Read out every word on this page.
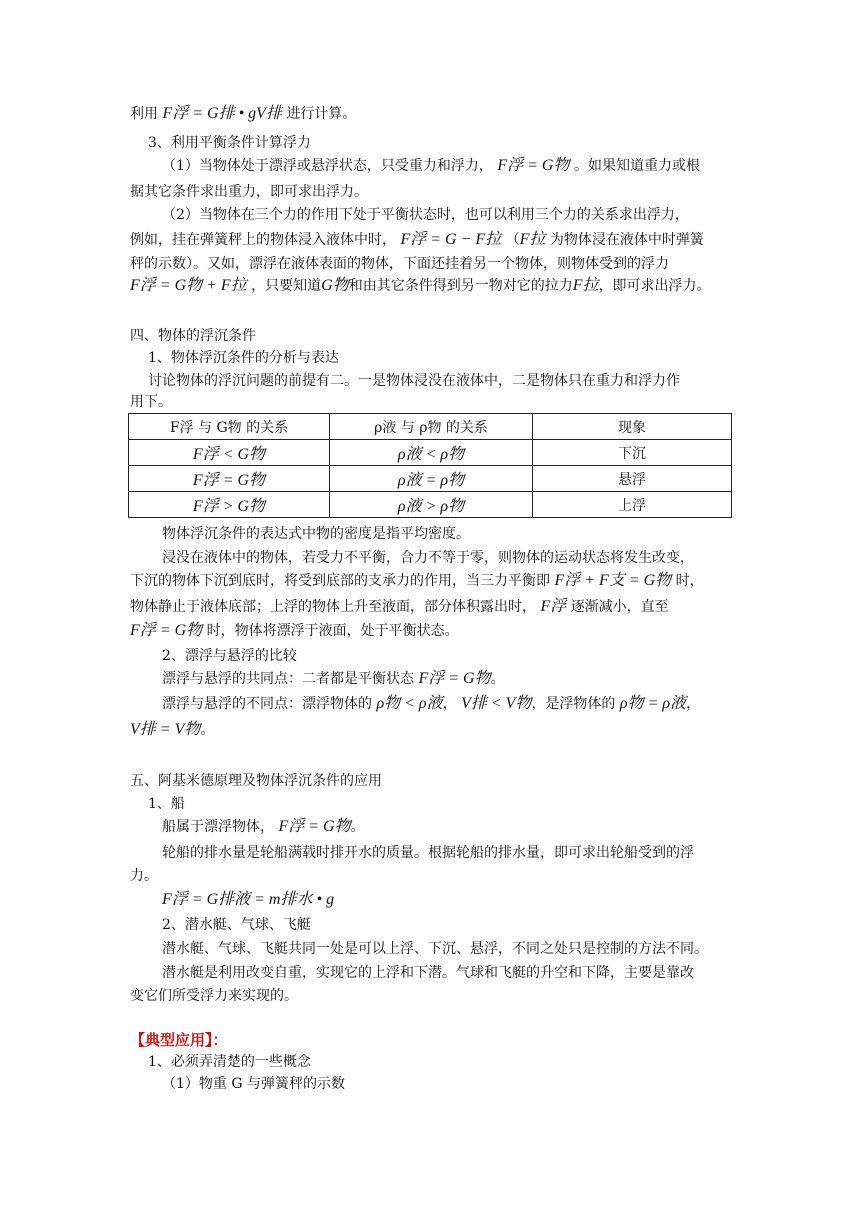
利用 F浮 = G排 • gV排 进行计算。
3、利用平衡条件计算浮力
（1）当物体处于漂浮或悬浮状态，只受重力和浮力， F浮 = G物 。如果知道重力或根
据其它条件求出重力，即可求出浮力。
（2）当物体在三个力的作用下处于平衡状态时，也可以利用三个力的关系求出浮力，
例如，挂在弹簧秤上的物体浸入液体中时， F浮 = G − F拉 （F拉 为物体浸在液体中时弹簧
秤的示数）。又如，漂浮在液体表面的物体，下面还挂着另一个物体，则物体受到的浮力
F浮 = G物 + F拉 ，只要知道G物和由其它条件得到另一物对它的拉力F拉，即可求出浮力。
四、物体的浮沉条件
1、物体浮沉条件的分析与表达
讨论物体的浮沉问题的前提有二。一是物体浸没在液体中，二是物体只在重力和浮力作
用下。
F浮 与 G物 的关系	ρ液 与 ρ物 的关系	现象
F浮 < G物	ρ液 < ρ物	下沉
F浮 = G物	ρ液 = ρ物	悬浮
F浮 > G物	ρ液 > ρ物	上浮
物体浮沉条件的表达式中物的密度是指平均密度。
浸没在液体中的物体，若受力不平衡，合力不等于零，则物体的运动状态将发生改变，
下沉的物体下沉到底时，将受到底部的支承力的作用，当三力平衡即 F浮 + F支 = G物 时，
物体静止于液体底部；上浮的物体上升至液面，部分体积露出时， F浮 逐渐减小，直至
F浮 = G物 时，物体将漂浮于液面，处于平衡状态。
2、漂浮与悬浮的比较
漂浮与悬浮的共同点：二者都是平衡状态 F浮 = G物。
漂浮与悬浮的不同点：漂浮物体的 ρ物 < ρ液， V排 < V物，是浮物体的 ρ物 = ρ液，
V排 = V物。
五、阿基米德原理及物体浮沉条件的应用
1、船
船属于漂浮物体， F浮 = G物。
轮船的排水量是轮船满载时排开水的质量。根据轮船的排水量，即可求出轮船受到的浮
力。
F浮 = G排液 = m排水 • g
2、潜水艇、气球、飞艇
潜水艇、气球、飞艇共同一处是可以上浮、下沉、悬浮，不同之处只是控制的方法不同。
潜水艇是利用改变自重，实现它的上浮和下潜。气球和飞艇的升空和下降，主要是靠改
变它们所受浮力来实现的。
【典型应用】：
1、必须弄清楚的一些概念
（1）物重 G 与弹簧秤的示数
